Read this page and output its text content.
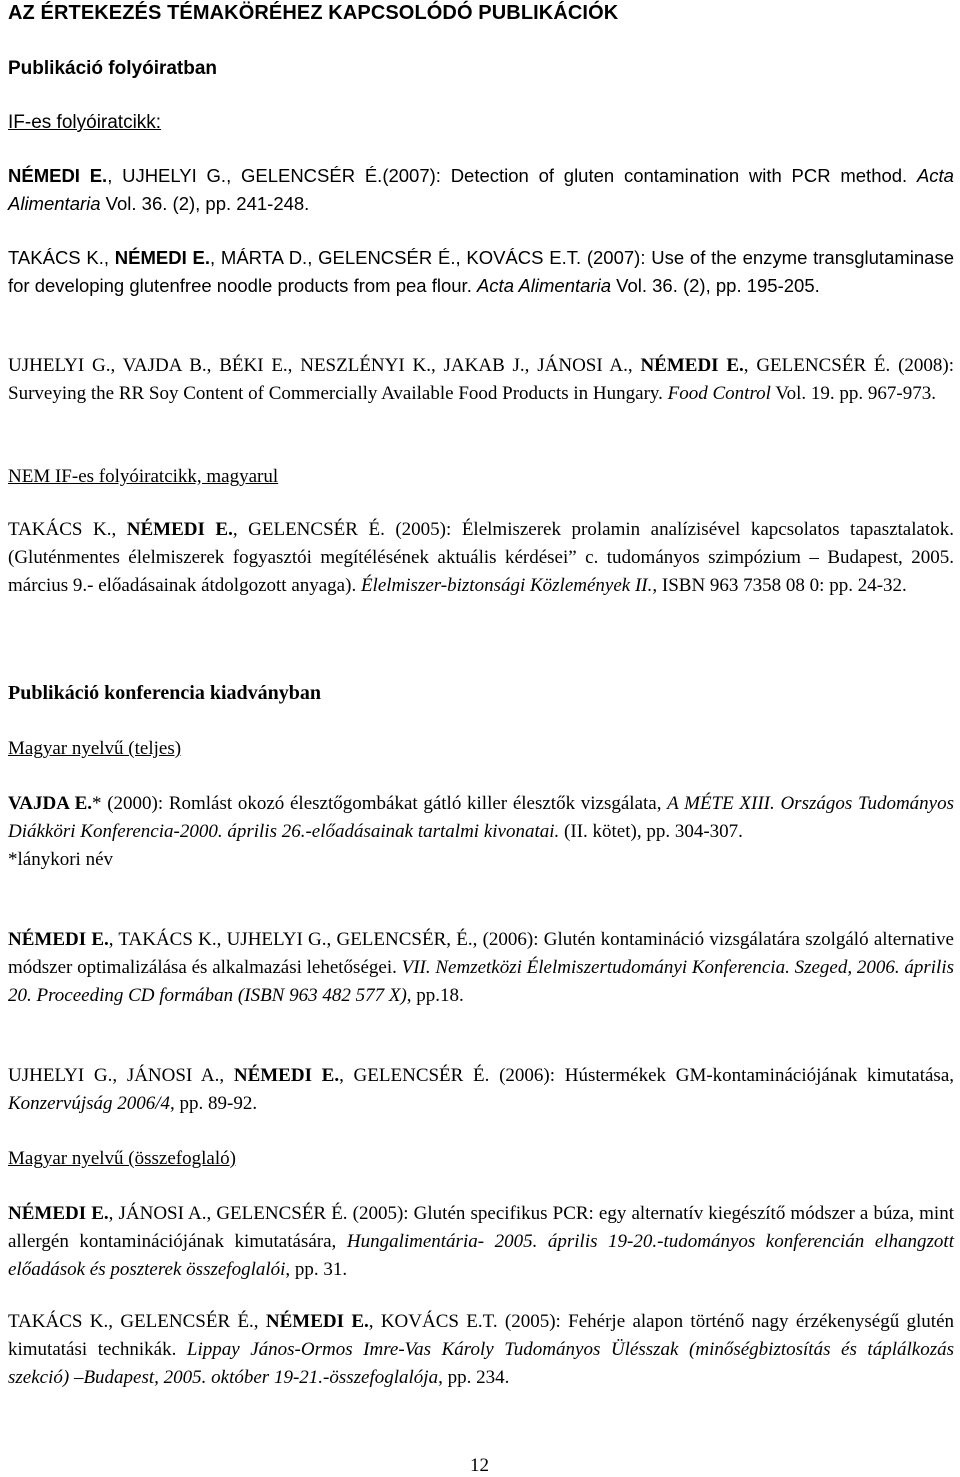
AZ ÉRTEKEZÉS TÉMAKÖRÉHEZ KAPCSOLÓDÓ PUBLIKÁCIÓK
Publikáció folyóiratban
IF-es folyóiratcikk:
NÉMEDI E., UJHELYI G., GELENCSÉR É.(2007): Detection of gluten contamination with PCR method. Acta Alimentaria Vol. 36. (2), pp. 241-248.
TAKÁCS K., NÉMEDI E., MÁRTA D., GELENCSÉR É., KOVÁCS E.T. (2007): Use of the enzyme transglutaminase for developing glutenfree noodle products from pea flour. Acta Alimentaria Vol. 36. (2), pp. 195-205.
UJHELYI G., VAJDA B., BÉKI E., NESZLÉNYI K., JAKAB J., JÁNOSI A., NÉMEDI E., GELENCSÉR É. (2008): Surveying the RR Soy Content of Commercially Available Food Products in Hungary. Food Control Vol. 19. pp. 967-973.
NEM IF-es folyóiratcikk, magyarul
TAKÁCS K., NÉMEDI E., GELENCSÉR É. (2005): Élelmiszerek prolamin analízisével kapcsolatos tapasztalatok. (Gluténmentes élelmiszerek fogyasztói megítélésének aktuális kérdései” c. tudományos szimpózium – Budapest, 2005. március 9.- előadásainak átdolgozott anyaga). Élelmiszer-biztonsági Közlemények II., ISBN 963 7358 08 0: pp. 24-32.
Publikáció konferencia kiadványban
Magyar nyelvű (teljes)
VAJDA E.* (2000): Romlást okozó élesztőgombákat gátló killer élesztők vizsgálata, A MÉTE XIII. Országos Tudományos Diákköri Konferencia-2000. április 26.-előadásainak tartalmi kivonatai. (II. kötet), pp. 304-307.
*lánykori név
NÉMEDI E., TAKÁCS K., UJHELYI G., GELENCSÉR, É., (2006): Glutén kontamináció vizsgálatára szolgáló alternative módszer optimalizálása és alkalmazási lehetőségei. VII. Nemzetközi Élelmiszertudományi Konferencia. Szeged, 2006. április 20. Proceeding CD formában (ISBN 963 482 577 X), pp.18.
UJHELYI G., JÁNOSI A., NÉMEDI E., GELENCSÉR É. (2006): Hústermékek GM-kontaminációjának kimutatása, Konzervújság 2006/4, pp. 89-92.
Magyar nyelvű (összefoglaló)
NÉMEDI E., JÁNOSI A., GELENCSÉR É. (2005): Glutén specifikus PCR: egy alternatív kiegészítő módszer a búza, mint allergén kontaminációjának kimutatására, Hungalimentária- 2005. április 19-20.-tudományos konferencián elhangzott előadások és poszterek összefoglalói, pp. 31.
TAKÁCS K., GELENCSÉR É., NÉMEDI E., KOVÁCS E.T. (2005): Fehérje alapon történő nagy érzékenységű glutén kimutatási technikák. Lippay János-Ormos Imre-Vas Károly Tudományos Ülésszak (minőségbiztosítás és táplálkozás szekció) –Budapest, 2005. október 19-21.-összefoglalója, pp. 234.
12
